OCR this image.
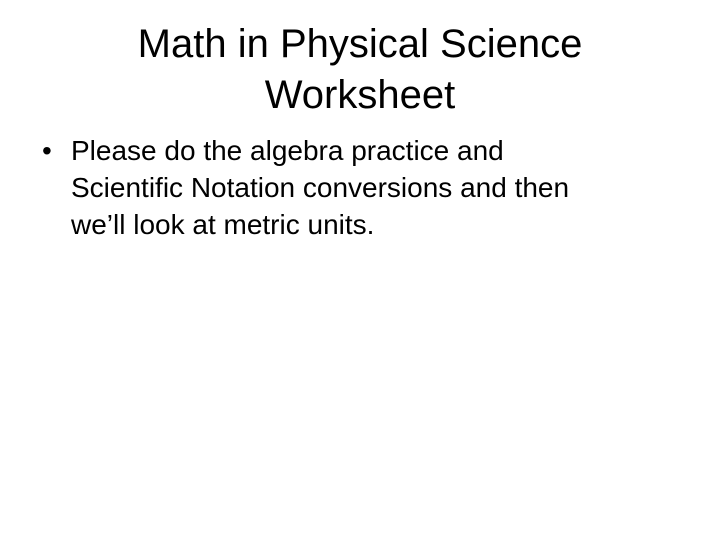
Math in Physical Science
Worksheet
• Please do the algebra practice and
Scientific Notation conversions and then
we’ll look at metric units.
